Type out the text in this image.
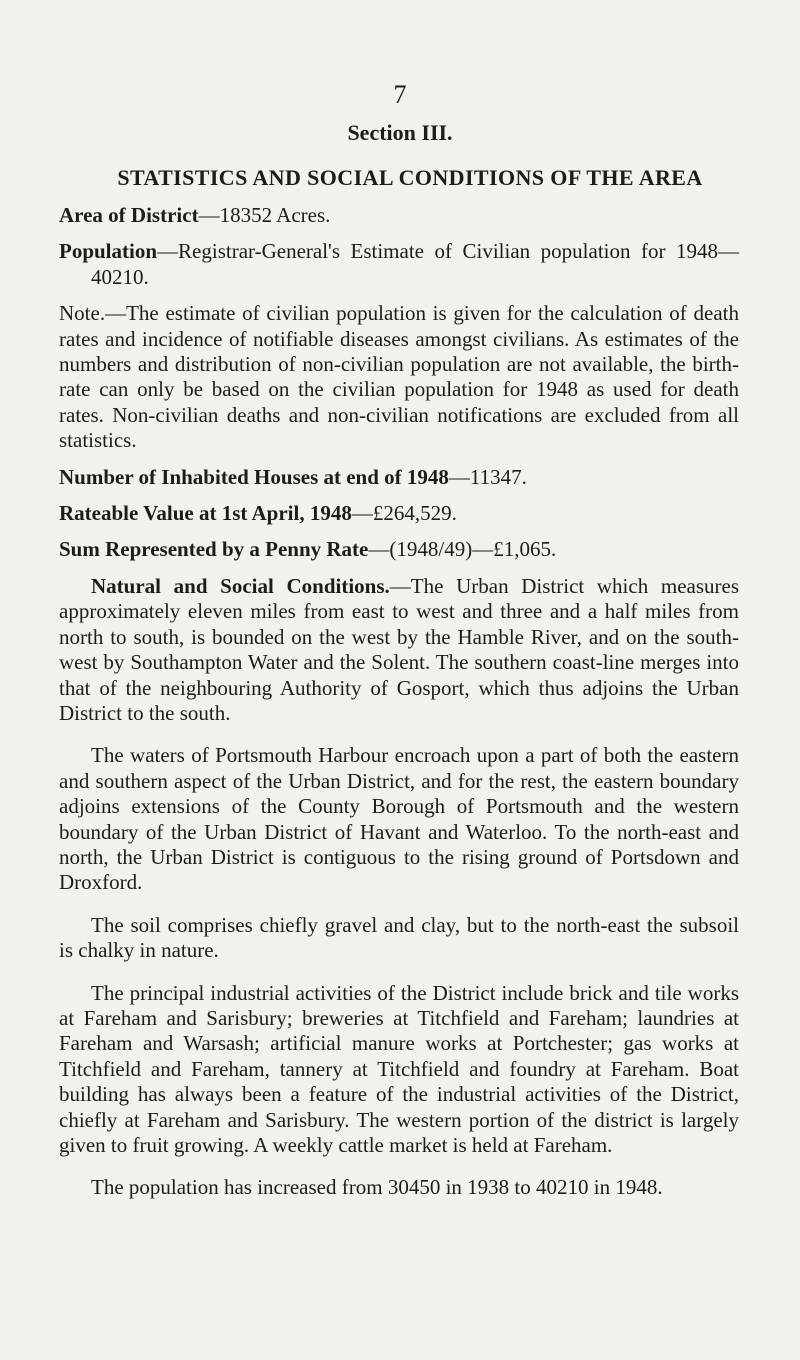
7
Section III.
STATISTICS AND SOCIAL CONDITIONS OF THE AREA

Area of District—18352 Acres.

Population—Registrar-General's Estimate of Civilian population for 1948—40210.

Note.—The estimate of civilian population is given for the calculation of death rates and incidence of notifiable diseases amongst civilians. As estimates of the numbers and distribution of non-civilian population are not available, the birth-rate can only be based on the civilian population for 1948 as used for death rates. Non-civilian deaths and non-civilian notifications are excluded from all statistics.

Number of Inhabited Houses at end of 1948—11347.

Rateable Value at 1st April, 1948—£264,529.

Sum Represented by a Penny Rate—(1948/49)—£1,065.

Natural and Social Conditions.—The Urban District which measures approximately eleven miles from east to west and three and a half miles from north to south, is bounded on the west by the Hamble River, and on the south-west by Southampton Water and the Solent. The southern coast-line merges into that of the neighbouring Authority of Gosport, which thus adjoins the Urban District to the south.

The waters of Portsmouth Harbour encroach upon a part of both the eastern and southern aspect of the Urban District, and for the rest, the eastern boundary adjoins extensions of the County Borough of Portsmouth and the western boundary of the Urban District of Havant and Waterloo. To the north-east and north, the Urban District is contiguous to the rising ground of Portsdown and Droxford.

The soil comprises chiefly gravel and clay, but to the north-east the subsoil is chalky in nature.

The principal industrial activities of the District include brick and tile works at Fareham and Sarisbury; breweries at Titchfield and Fareham; laundries at Fareham and Warsash; artificial manure works at Portchester; gas works at Titchfield and Fareham, tannery at Titchfield and foundry at Fareham. Boat building has always been a feature of the industrial activities of the District, chiefly at Fareham and Sarisbury. The western portion of the district is largely given to fruit growing. A weekly cattle market is held at Fareham.

The population has increased from 30450 in 1938 to 40210 in 1948.
